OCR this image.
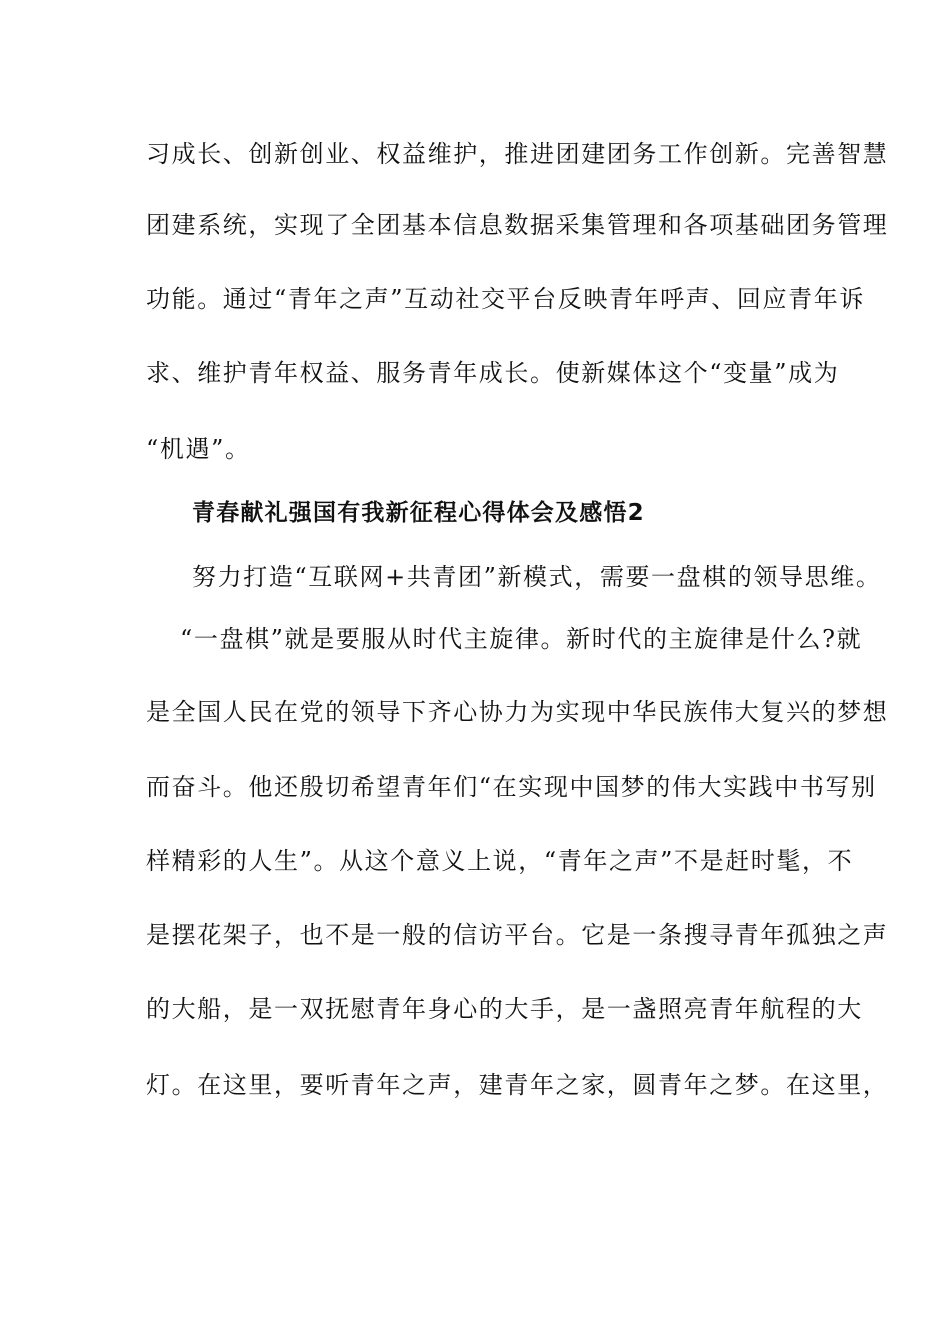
习成长、创新创业、权益维护，推进团建团务工作创新。完善智慧
团建系统，实现了全团基本信息数据采集管理和各项基础团务管理
功能。通过“青年之声”互动社交平台反映青年呼声、回应青年诉
求、维护青年权益、服务青年成长。使新媒体这个“变量”成为
“机遇”。
青春献礼强国有我新征程心得体会及感悟2
努力打造“互联网+共青团”新模式，需要一盘棋的领导思维。
“一盘棋”就是要服从时代主旋律。新时代的主旋律是什么?就
是全国人民在党的领导下齐心协力为实现中华民族伟大复兴的梦想
而奋斗。他还殷切希望青年们“在实现中国梦的伟大实践中书写别
样精彩的人生”。从这个意义上说，“青年之声”不是赶时髦，不
是摆花架子，也不是一般的信访平台。它是一条搜寻青年孤独之声
的大船，是一双抚慰青年身心的大手，是一盏照亮青年航程的大
灯。在这里，要听青年之声，建青年之家，圆青年之梦。在这里，
